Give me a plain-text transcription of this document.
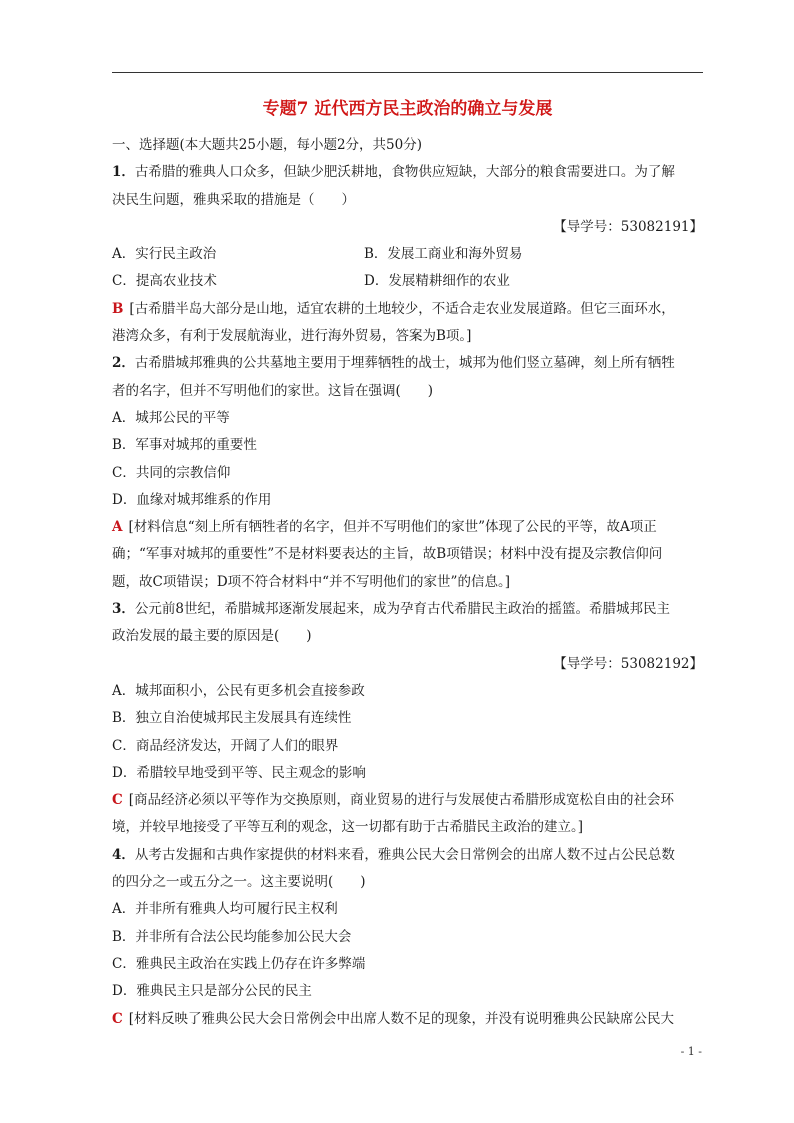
专题7 近代西方民主政治的确立与发展
一、选择题(本大题共25小题，每小题2分，共50分)
1．古希腊的雅典人口众多，但缺少肥沃耕地，食物供应短缺，大部分的粮食需要进口。为了解
决民生问题，雅典采取的措施是（　　）
【导学号：53082191】
A．实行民主政治	B．发展工商业和海外贸易
C．提高农业技术	D．发展精耕细作的农业
B [古希腊半岛大部分是山地，适宜农耕的土地较少，不适合走农业发展道路。但它三面环水，
港湾众多，有利于发展航海业，进行海外贸易，答案为B项。]
2．古希腊城邦雅典的公共墓地主要用于埋葬牺牲的战士，城邦为他们竖立墓碑，刻上所有牺牲
者的名字，但并不写明他们的家世。这旨在强调(　　)
A．城邦公民的平等
B．军事对城邦的重要性
C．共同的宗教信仰
D．血缘对城邦维系的作用
A [材料信息“刻上所有牺牲者的名字，但并不写明他们的家世”体现了公民的平等，故A项正
确；“军事对城邦的重要性”不是材料要表达的主旨，故B项错误；材料中没有提及宗教信仰问
题，故C项错误；D项不符合材料中“并不写明他们的家世”的信息。]
3．公元前8世纪，希腊城邦逐渐发展起来，成为孕育古代希腊民主政治的摇篮。希腊城邦民主
政治发展的最主要的原因是(　　)
【导学号：53082192】
A．城邦面积小，公民有更多机会直接参政
B．独立自治使城邦民主发展具有连续性
C．商品经济发达，开阔了人们的眼界
D．希腊较早地受到平等、民主观念的影响
C [商品经济必须以平等作为交换原则，商业贸易的进行与发展使古希腊形成宽松自由的社会环
境，并较早地接受了平等互利的观念，这一切都有助于古希腊民主政治的建立。]
4．从考古发掘和古典作家提供的材料来看，雅典公民大会日常例会的出席人数不过占公民总数
的四分之一或五分之一。这主要说明(　　)
A．并非所有雅典人均可履行民主权利
B．并非所有合法公民均能参加公民大会
C．雅典民主政治在实践上仍存在许多弊端
D．雅典民主只是部分公民的民主
C [材料反映了雅典公民大会日常例会中出席人数不足的现象，并没有说明雅典公民缺席公民大
- 1 -
